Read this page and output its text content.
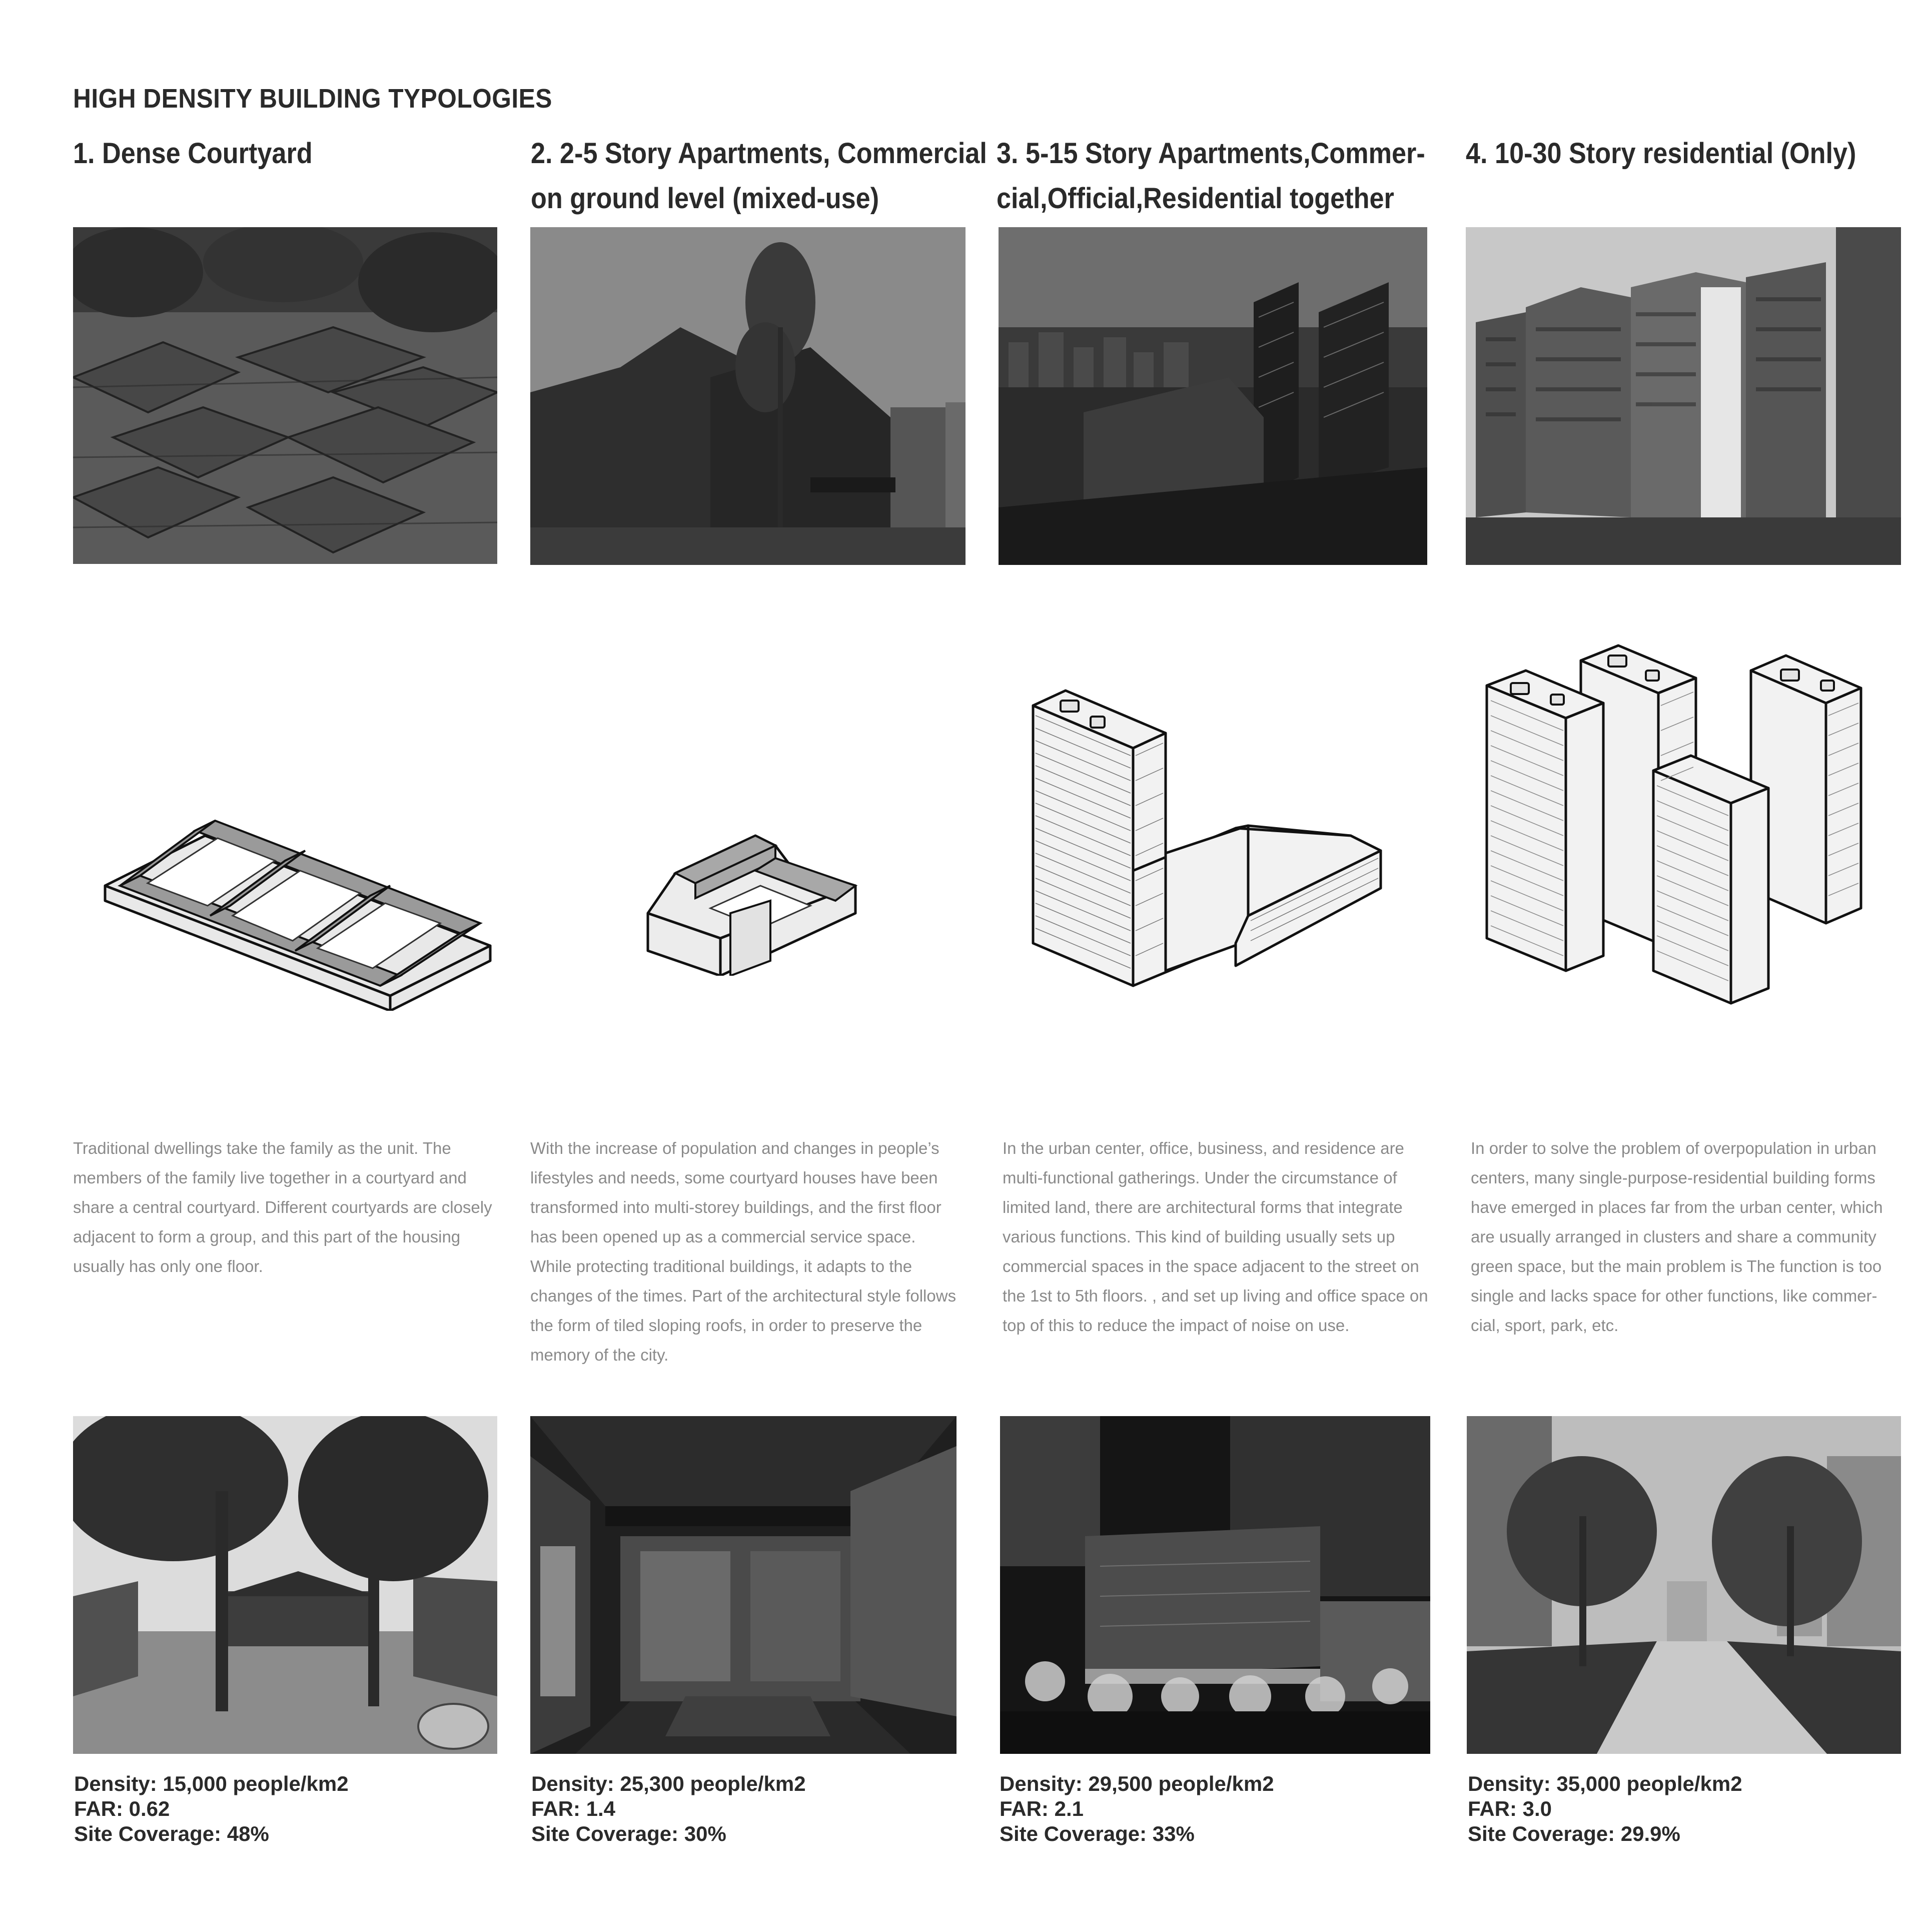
HIGH DENSITY BUILDING TYPOLOGIES
1. Dense Courtyard
Traditional dwellings take the family as the unit. The
members of the family live together in a courtyard and
share a central courtyard. Different courtyards are closely
adjacent to form a group, and this part of the housing
usually has only one floor.
Density: 15,000 people/km2
FAR: 0.62
Site Coverage: 48%
2. 2-5 Story Apartments, Commercial
on ground level (mixed-use)
With the increase of population and changes in people’s
lifestyles and needs, some courtyard houses have been
transformed into multi-storey buildings, and the first floor
has been opened up as a commercial service space.
While protecting traditional buildings, it adapts to the
changes of the times. Part of the architectural style follows
the form of tiled sloping roofs, in order to preserve the
memory of the city.
Density: 25,300 people/km2
FAR: 1.4
Site Coverage: 30%
3. 5-15 Story Apartments,Commer-
cial,Official,Residential together
In the urban center, office, business, and residence are
multi-functional gatherings. Under the circumstance of
limited land, there are architectural forms that integrate
various functions. This kind of building usually sets up
commercial spaces in the space adjacent to the street on
the 1st to 5th floors. , and set up living and office space on
top of this to reduce the impact of noise on use.
Density: 29,500 people/km2
FAR: 2.1
Site Coverage: 33%
4. 10-30 Story residential (Only)
In order to solve the problem of overpopulation in urban
centers, many single-purpose-residential building forms
have emerged in places far from the urban center, which
are usually arranged in clusters and share a community
green space, but the main problem is The function is too
single and lacks space for other functions, like commer-
cial, sport, park, etc.
Density: 35,000 people/km2
FAR: 3.0
Site Coverage: 29.9%
